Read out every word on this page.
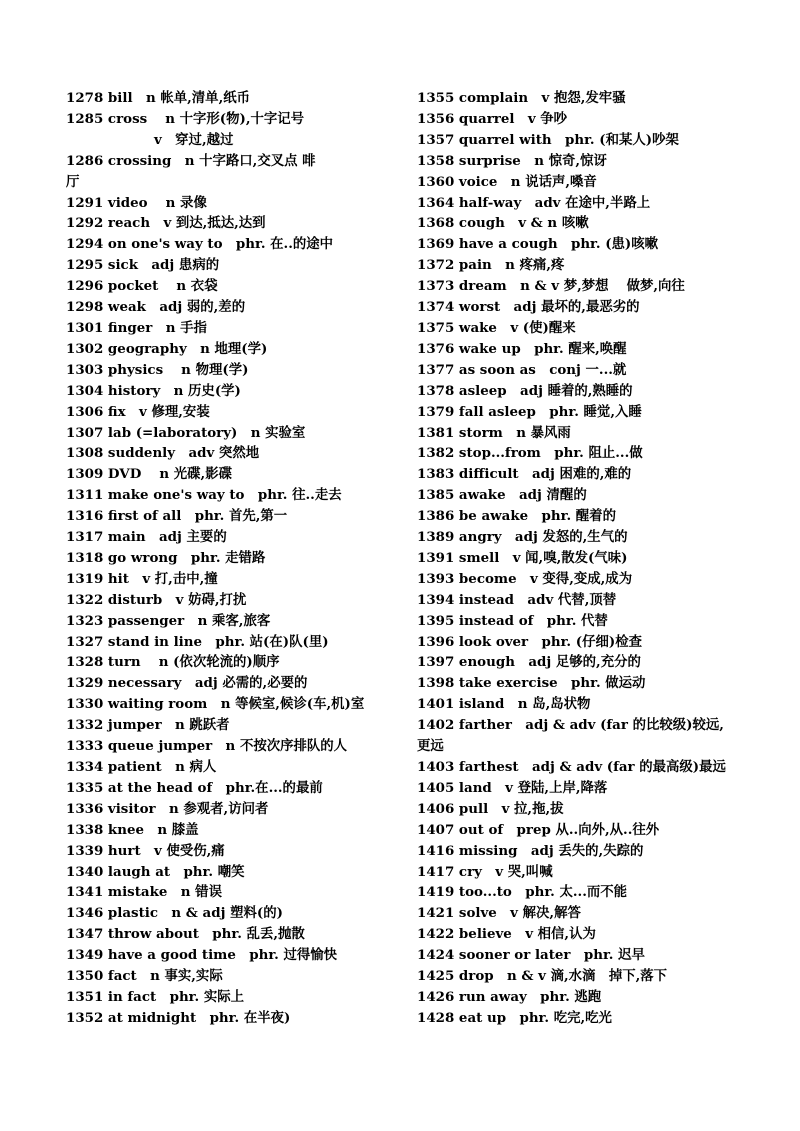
1278 bill　n 帐单,清单,纸币
1285 cross　 n 十字形(物),十字记号
v　穿过,越过
1286 crossing　n 十字路口,交叉点 啡厅
1291 video　 n 录像
1292 reach　v 到达,抵达,达到
1294 on one's way to　phr. 在..的途中
1295 sick　adj 患病的
1296 pocket　 n 衣袋
1298 weak　adj 弱的,差的
1301 finger　n 手指
1302 geography　n 地理(学)
1303 physics　 n 物理(学)
1304 history　n 历史(学)
1306 fix　v 修理,安装
1307 lab (=laboratory)　n 实验室
1308 suddenly　adv 突然地
1309 DVD　 n 光碟,影碟
1311 make one's way to　phr. 往..走去
1316 first of all　phr. 首先,第一
1317 main　adj 主要的
1318 go wrong　phr. 走错路
1319 hit　v 打,击中,撞
1322 disturb　v 妨碍,打扰
1323 passenger　n 乘客,旅客
1327 stand in line　phr. 站(在)队(里)
1328 turn　 n (依次轮流的)顺序
1329 necessary　adj 必需的,必要的
1330 waiting room　n 等候室,候诊(车,机)室
1332 jumper　n 跳跃者
1333 queue jumper　n 不按次序排队的人
1334 patient　n 病人
1335 at the head of　phr.在...的最前
1336 visitor　n 参观者,访问者
1338 knee　n 膝盖
1339 hurt　v 使受伤,痛
1340 laugh at　phr. 嘲笑
1341 mistake　n 错误
1346 plastic　n & adj 塑料(的)
1347 throw about　phr. 乱丢,抛散
1349 have a good time　phr. 过得愉快
1350 fact　n 事实,实际
1351 in fact　phr. 实际上
1352 at midnight　phr. 在半夜)
1355 complain　v 抱怨,发牢骚
1356 quarrel　v 争吵
1357 quarrel with　phr. (和某人)吵架
1358 surprise　n 惊奇,惊讶
1360 voice　n 说话声,嗓音
1364 half-way　adv 在途中,半路上
1368 cough　v & n 咳嗽
1369 have a cough　phr. (患)咳嗽
1372 pain　n 疼痛,疼
1373 dream　n & v 梦,梦想　 做梦,向往
1374 worst　adj 最坏的,最恶劣的
1375 wake　v (使)醒来
1376 wake up　phr. 醒来,唤醒
1377 as soon as　conj 一...就
1378 asleep　adj 睡着的,熟睡的
1379 fall asleep　phr. 睡觉,入睡
1381 storm　n 暴风雨
1382 stop...from　phr. 阻止...做
1383 difficult　adj 困难的,难的
1385 awake　adj 清醒的
1386 be awake　phr. 醒着的
1389 angry　adj 发怒的,生气的
1391 smell　v 闻,嗅,散发(气味)
1393 become　v 变得,变成,成为
1394 instead　adv 代替,顶替
1395 instead of　phr. 代替
1396 look over　phr. (仔细)检查
1397 enough　adj 足够的,充分的
1398 take exercise　phr. 做运动
1401 island　n 岛,岛状物
1402 farther　adj & adv (far 的比较级)较远, 更远
1403 farthest　adj & adv (far 的最高级)最远
1405 land　v 登陆,上岸,降落
1406 pull　v 拉,拖,拔
1407 out of　prep 从..向外,从..往外
1416 missing　adj 丢失的,失踪的
1417 cry　v 哭,叫喊
1419 too...to　phr. 太...而不能
1421 solve　v 解决,解答
1422 believe　v 相信,认为
1424 sooner or later　phr. 迟早
1425 drop　n & v 滴,水滴　掉下,落下
1426 run away　phr. 逃跑
1428 eat up　phr. 吃完,吃光
